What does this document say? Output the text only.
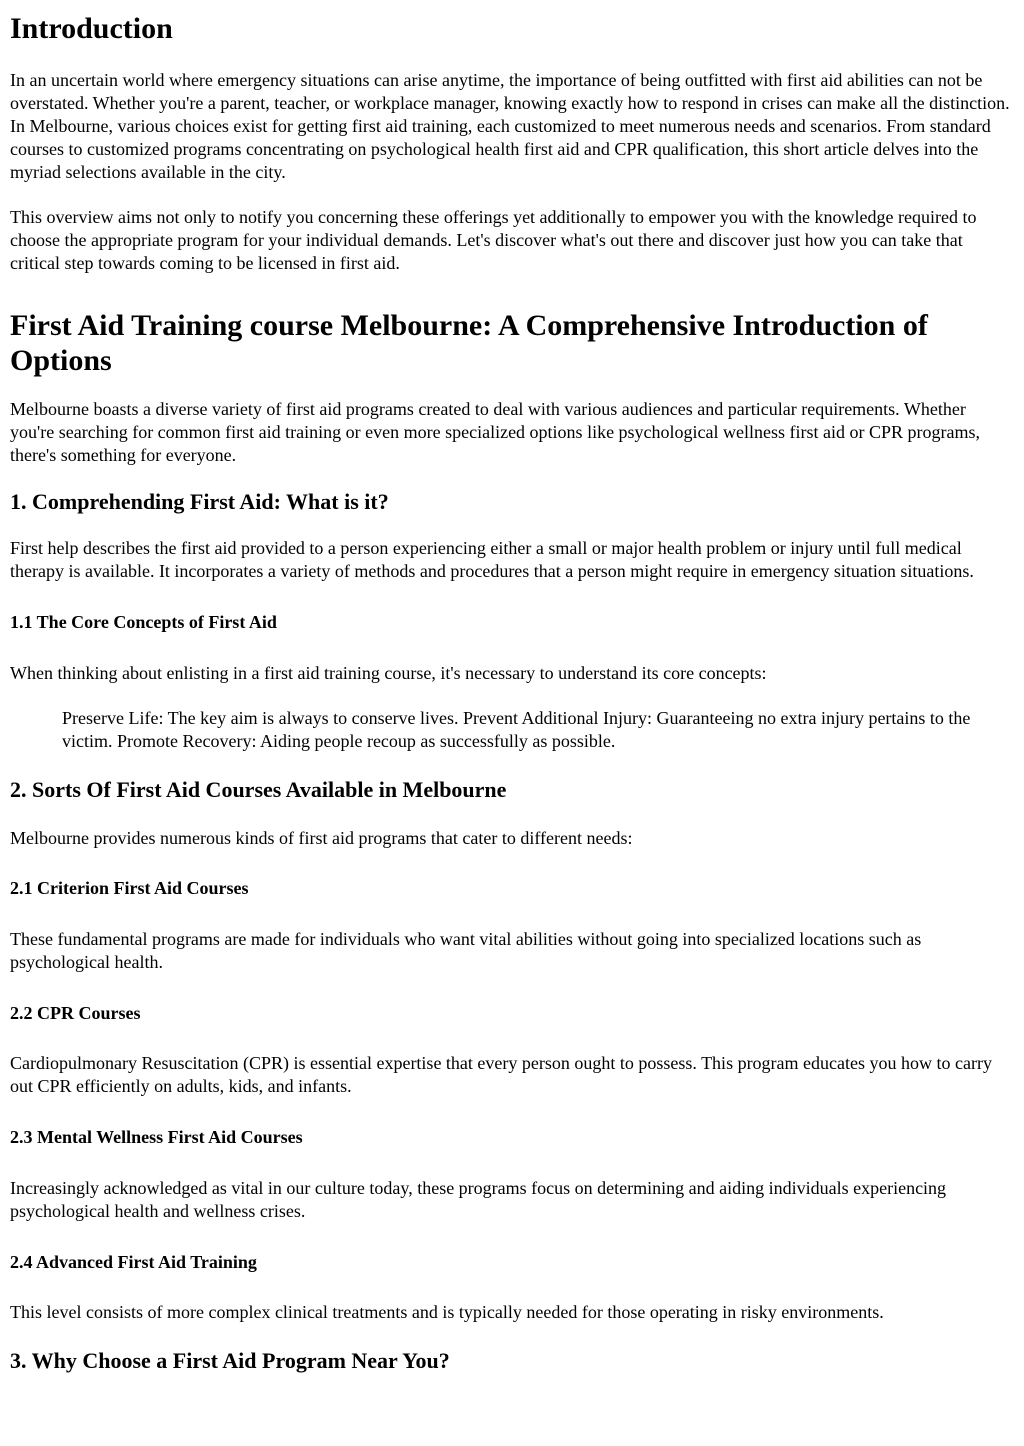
Introduction

In an uncertain world where emergency situations can arise anytime, the importance of being outfitted with first aid abilities can not be overstated. Whether you're a parent, teacher, or workplace manager, knowing exactly how to respond in crises can make all the distinction. In Melbourne, various choices exist for getting first aid training, each customized to meet numerous needs and scenarios. From standard courses to customized programs concentrating on psychological health first aid and CPR qualification, this short article delves into the myriad selections available in the city.

This overview aims not only to notify you concerning these offerings yet additionally to empower you with the knowledge required to choose the appropriate program for your individual demands. Let's discover what's out there and discover just how you can take that critical step towards coming to be licensed in first aid.

First Aid Training course Melbourne: A Comprehensive Introduction of Options

Melbourne boasts a diverse variety of first aid programs created to deal with various audiences and particular requirements. Whether you're searching for common first aid training or even more specialized options like psychological wellness first aid or CPR programs, there's something for everyone.

1. Comprehending First Aid: What is it?

First help describes the first aid provided to a person experiencing either a small or major health problem or injury until full medical therapy is available. It incorporates a variety of methods and procedures that a person might require in emergency situation situations.

1.1 The Core Concepts of First Aid

When thinking about enlisting in a first aid training course, it's necessary to understand its core concepts:

Preserve Life: The key aim is always to conserve lives. Prevent Additional Injury: Guaranteeing no extra injury pertains to the victim. Promote Recovery: Aiding people recoup as successfully as possible.
2. Sorts Of First Aid Courses Available in Melbourne

Melbourne provides numerous kinds of first aid programs that cater to different needs:

2.1 Criterion First Aid Courses

These fundamental programs are made for individuals who want vital abilities without going into specialized locations such as psychological health.

2.2 CPR Courses

Cardiopulmonary Resuscitation (CPR) is essential expertise that every person ought to possess. This program educates you how to carry out CPR efficiently on adults, kids, and infants.

2.3 Mental Wellness First Aid Courses

Increasingly acknowledged as vital in our culture today, these programs focus on determining and aiding individuals experiencing psychological health and wellness crises.

2.4 Advanced First Aid Training

This level consists of more complex clinical treatments and is typically needed for those operating in risky environments.

3. Why Choose a First Aid Program Near You?
